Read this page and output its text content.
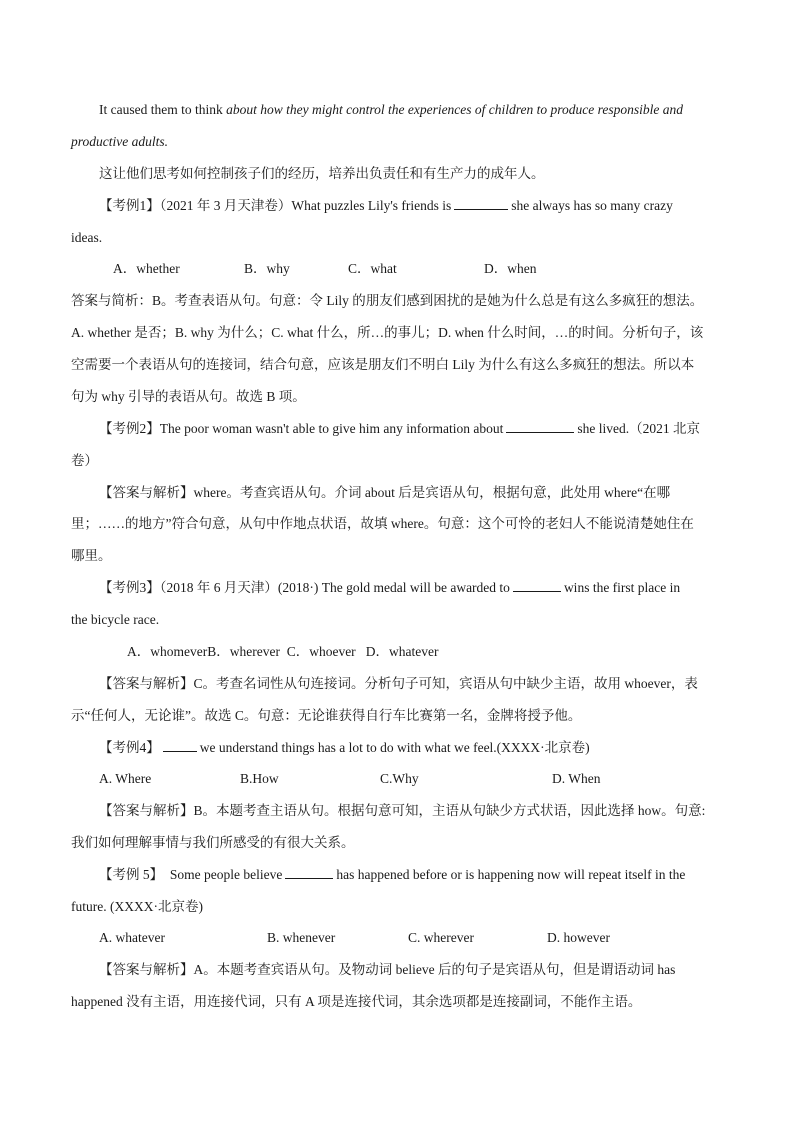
It caused them to think about how they might control the experiences of children to produce responsible and
productive adults.
这让他们思考如何控制孩子们的经历，培养出负责任和有生产力的成年人。
【考例1】（2021 年 3 月天津卷）What puzzles Lily's friends is	she always has so many crazy
ideas.
A．whether	B．why	C．what	D．when
答案与简析：B。考查表语从句。句意：令 Lily 的朋友们感到困扰的是她为什么总是有这么多疯狂的想法。
A. whether 是否；B. why 为什么；C. what 什么，所…的事儿；D. when 什么时间，…的时间。分析句子，该
空需要一个表语从句的连接词，结合句意，应该是朋友们不明白 Lily 为什么有这么多疯狂的想法。所以本
句为 why 引导的表语从句。故选 B 项。
【考例2】The poor woman wasn't able to give him any information about	she lived.（2021 北京
卷）
【答案与解析】where。考查宾语从句。介词 about 后是宾语从句，根据句意，此处用 where“在哪
里；……的地方”符合句意，从句中作地点状语，故填 where。句意：这个可怜的老妇人不能说清楚她住在
哪里。
【考例3】（2018 年 6 月天津）(2018·) The gold medal will be awarded to	wins the first place in
the bicycle race.
A．whomeverB．wherever  C．whoever   D．whatever
【答案与解析】C。考查名词性从句连接词。分析句子可知，宾语从句中缺少主语，故用 whoever，表
示“任何人，无论谁”。故选 C。句意：无论谁获得自行车比赛第一名，金牌将授予他。
【考例4】	we understand things has a lot to do with what we feel.(XXXX·北京卷)
A. Where	B.How	C.Why	D. When
【答案与解析】B。本题考查主语从句。根据句意可知，主语从句缺少方式状语，因此选择 how。句意:
我们如何理解事情与我们所感受的有很大关系。
【考例 5】  Some people believe	has happened before or is happening now will repeat itself in the
future. (XXXX·北京卷)
A. whatever	B. whenever	C. wherever	D. however
【答案与解析】A。本题考查宾语从句。及物动词 believe 后的句子是宾语从句，但是谓语动词 has
happened 没有主语，用连接代词，只有 A 项是连接代词，其余选项都是连接副词，不能作主语。
